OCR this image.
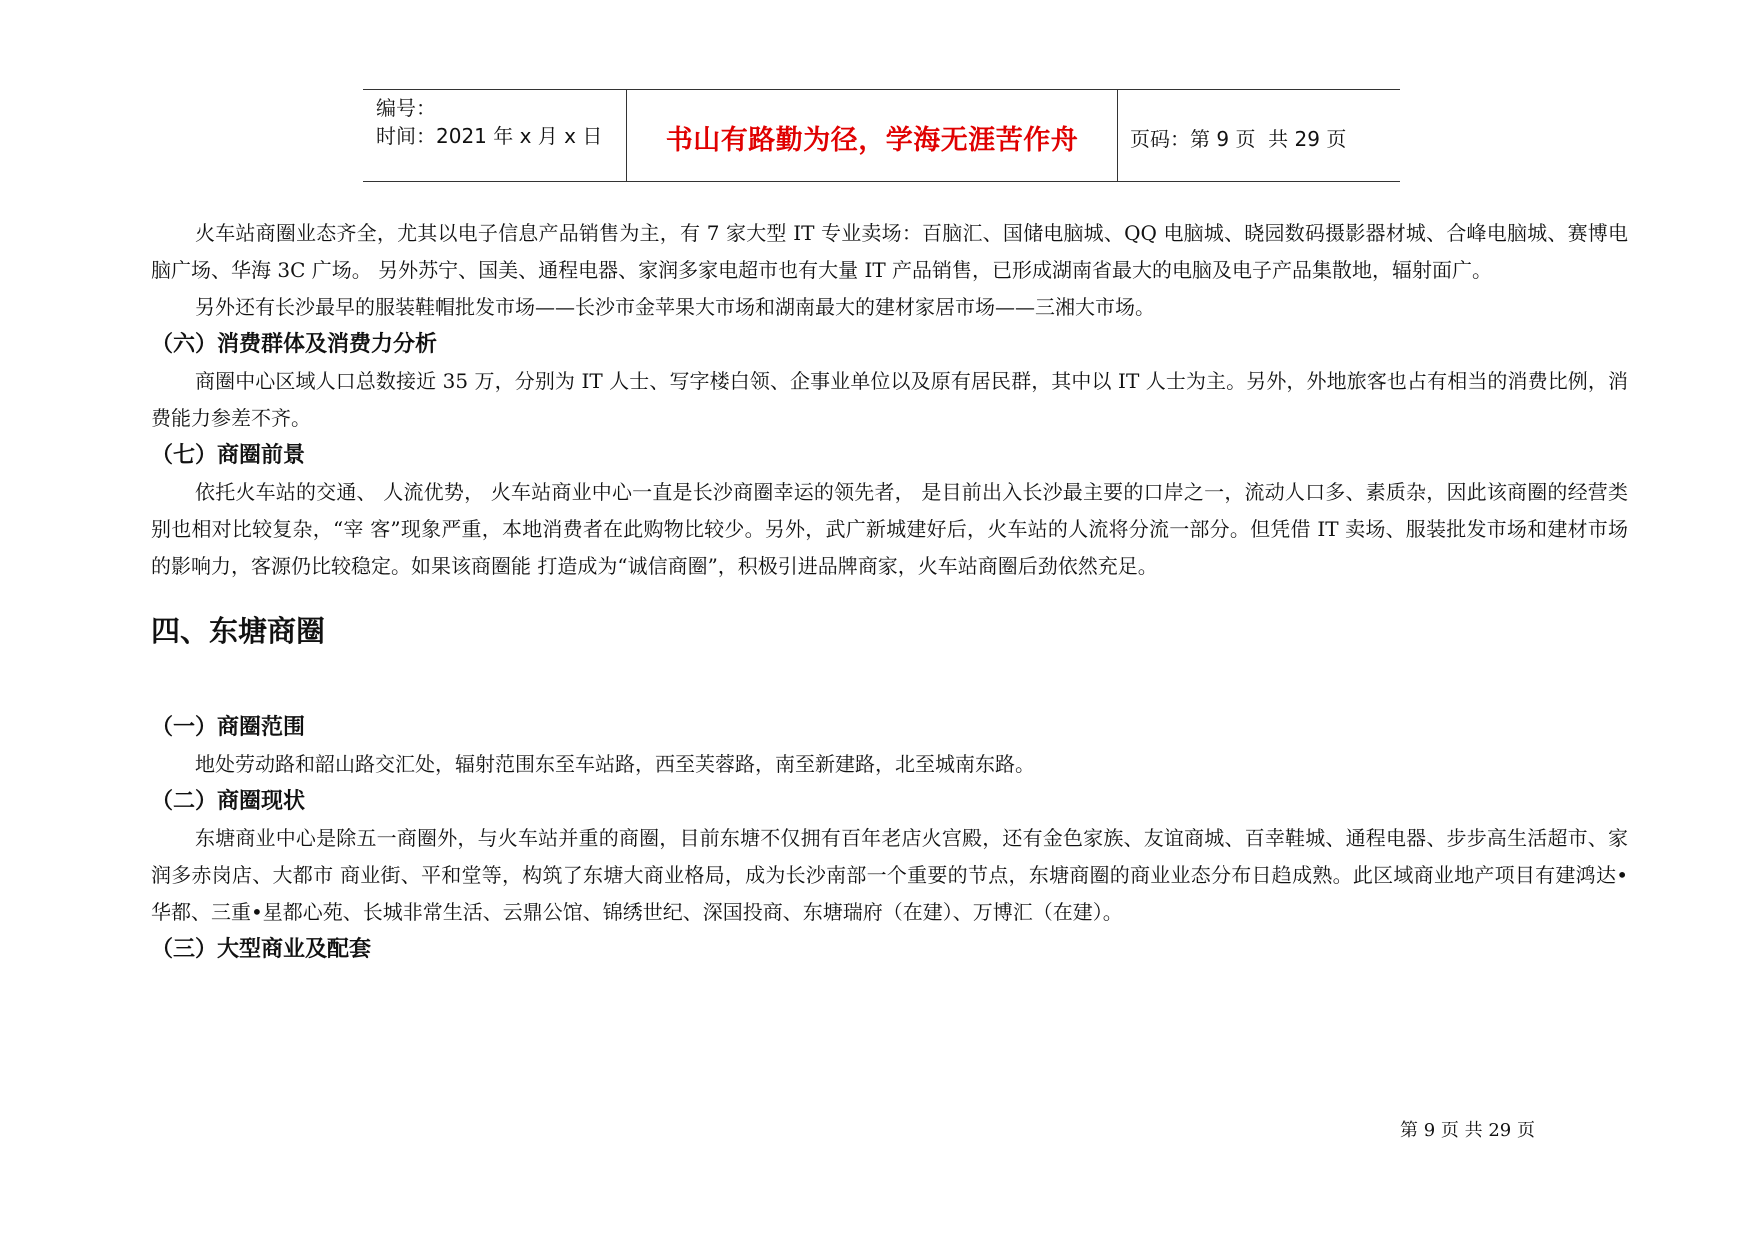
编号：
时间：2021 年 x 月 x 日	书山有路勤为径，学海无涯苦作舟	页码：第 9 页  共 29 页

火车站商圈业态齐全，尤其以电子信息产品销售为主，有 7 家大型 IT 专业卖场：百脑汇、国储电脑城、QQ 电脑城、晓园数码摄影器材城、合峰电脑城、赛博电脑广场、华海 3C 广场。 另外苏宁、国美、通程电器、家润多家电超市也有大量 IT 产品销售，已形成湖南省最大的电脑及电子产品集散地，辐射面广。

另外还有长沙最早的服装鞋帽批发市场——长沙市金苹果大市场和湖南最大的建材家居市场——三湘大市场。

（六）消费群体及消费力分析

商圈中心区域人口总数接近 35 万，分别为 IT 人士、写字楼白领、企事业单位以及原有居民群，其中以 IT 人士为主。另外，外地旅客也占有相当的消费比例，消费能力参差不齐。

（七）商圈前景

依托火车站的交通、 人流优势， 火车站商业中心一直是长沙商圈幸运的领先者， 是目前出入长沙最主要的口岸之一，流动人口多、素质杂，因此该商圈的经营类别也相对比较复杂，“宰 客”现象严重，本地消费者在此购物比较少。另外，武广新城建好后，火车站的人流将分流一部分。但凭借 IT 卖场、服装批发市场和建材市场的影响力，客源仍比较稳定。如果该商圈能 打造成为“诚信商圈”，积极引进品牌商家，火车站商圈后劲依然充足。

四、东塘商圈

（一）商圈范围

地处劳动路和韶山路交汇处，辐射范围东至车站路，西至芙蓉路，南至新建路，北至城南东路。

（二）商圈现状

东塘商业中心是除五一商圈外，与火车站并重的商圈，目前东塘不仅拥有百年老店火宫殿，还有金色家族、友谊商城、百幸鞋城、通程电器、步步高生活超市、家润多赤岗店、大都市 商业街、平和堂等，构筑了东塘大商业格局，成为长沙南部一个重要的节点，东塘商圈的商业业态分布日趋成熟。此区域商业地产项目有建鸿达•华都、三重•星都心苑、长城非常生活、云鼎公馆、锦绣世纪、深国投商、东塘瑞府（在建）、万博汇（在建）。

（三）大型商业及配套

第 9 页 共 29 页
